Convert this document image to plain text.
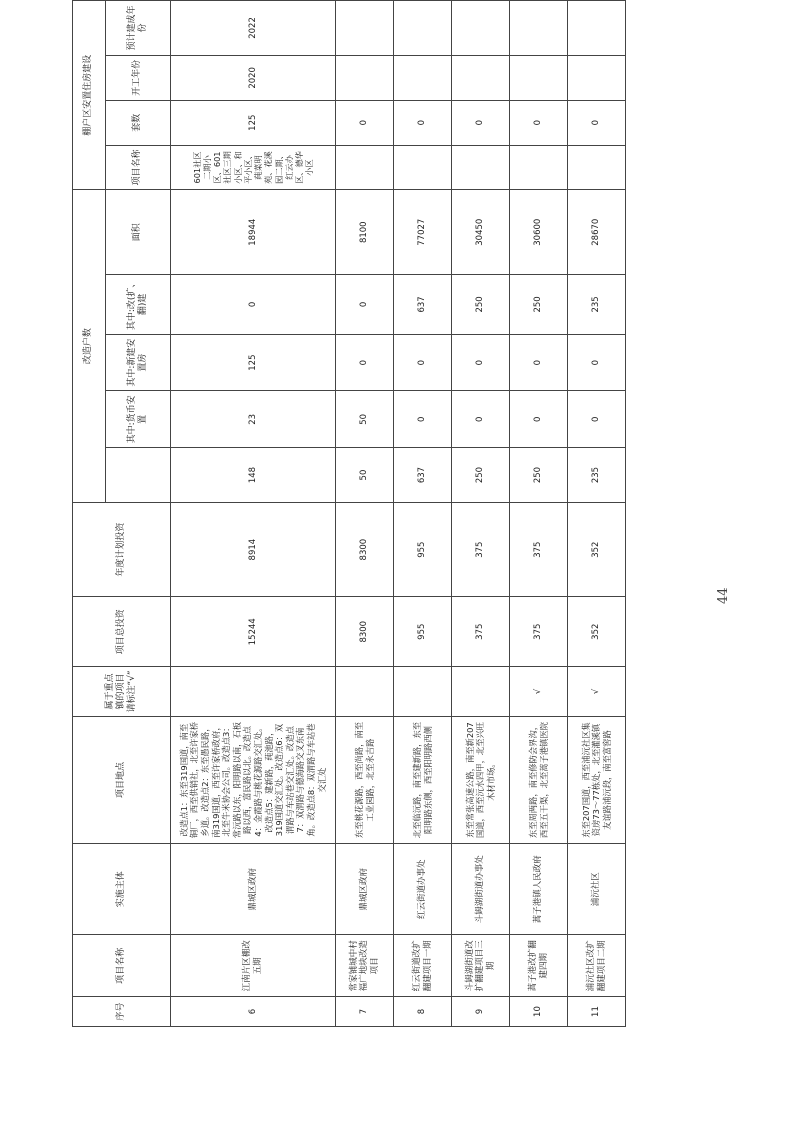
序号	项目名称	实施主体	项目地点	属于重点镇的项目请标注“√”	项目总投资	年度计划投资	改造户数					棚户区安置住房建设			
								其中:货币安置	其中:新建安置房	其中:改(扩、翻)建	面积	项目名称	套数	开工年份	预计建成年份

6	江南片区棚改五期	鼎城区政府	改造点1：东至319国道，南至铜厂，西至供销社，北至许家桥乡道。改造点2：东至愚民路，南319国道，西至许家桥政府，北至牛米协会公司。改造点3：常沅路以东，阳明路以南，石板路以西，富民路以北。改造点4：金霞路与桃花源路交汇处。改造点5：建新路，莼池路，319国道交汇处。改造点6：双渭路与车站巷交汇处。改造点7：双渭路与德海路交叉东南角。改造点8：双渭路与车站巷交汇处		15244	8914	148	23	125	0	18944	601社区二期小区、601社区三期小区、和平小区、莼菜明苑、花溪园二期、红云办区、德华小区	125	2020	2022
7	常家铺城中村福广地块改造项目	鼎城区政府	东至桃花源路，西至尚路，南至工业园路，北至永吉路		8300	8300	50	50	0	0	8100		0		
8	红云街道改扩翻建项目一期	红云街道办事处	北至临沅路，南至建新路，东至阳明路东侧，西至阳明路西侧		955	955	637	0	0	637	77027		0		
9	斗姆湖街道改扩翻建项目三期	斗姆湖街道办事处	东至常张高速公路，南至新207国道，西至沅水四甲，北至兴旺木材市场。		375	375	250	0	0	250	30450		0		
10	蒿子港改扩翻建四期	蒿子港镇人民政府	东至周两路，南至修防会界沟，西至五干渠，北至蒿子港镇医院	√	375	375	250	0	0	250	30600		0		
11	浦沅社区改扩翻建项目二期	浦沅社区	东至207国道，西至浦沅社区集资房73～77栋处，北至灌溪镇友谊路浦沅段，南至富窖路	√	352	352	235	0	0	235	28670		0		
44
